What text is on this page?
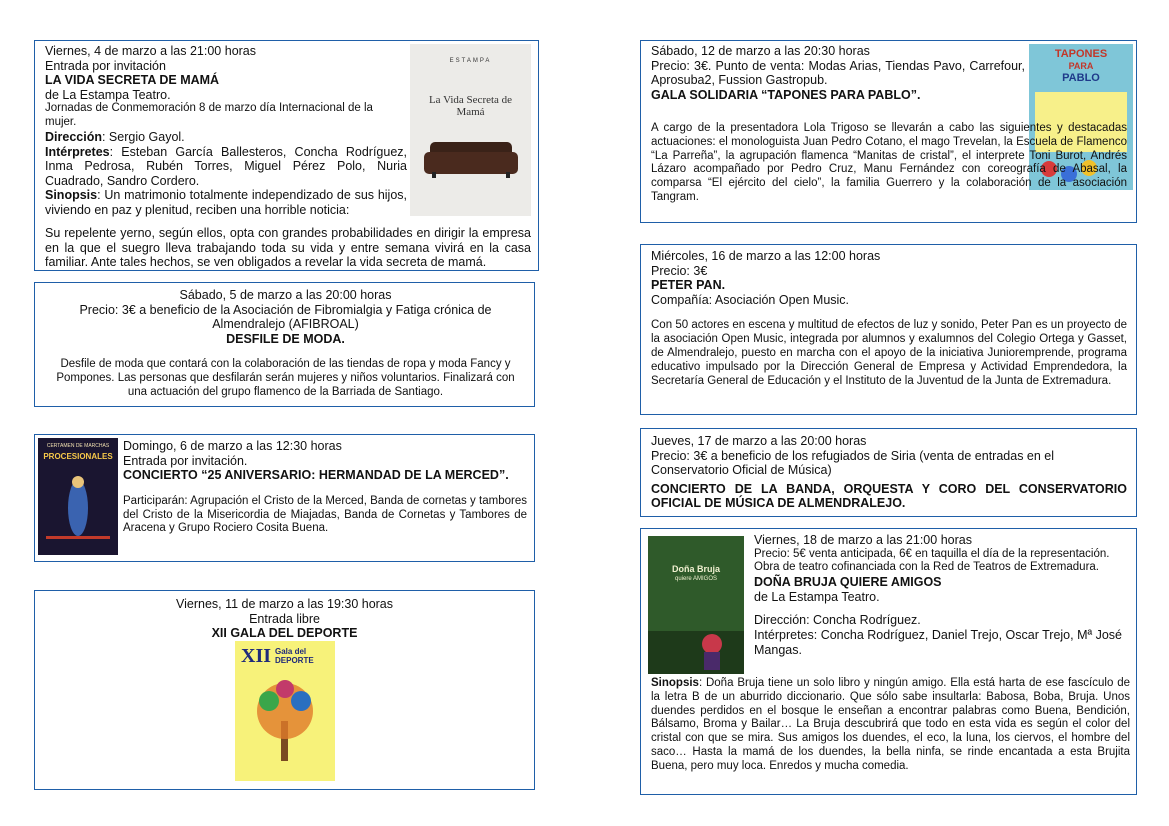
ESTAMPA
La Vida Secreta de Mamá

Viernes, 4 de marzo a las 21:00 horas

Entrada por invitación

LA VIDA SECRETA DE MAMÁ

de La Estampa Teatro.

Jornadas de Conmemoración 8 de marzo día Internacional de la mujer.

Dirección: Sergio Gayol.

Intérpretes: Esteban García Ballesteros, Concha Rodríguez, Inma Pedrosa, Rubén Torres, Miguel Pérez Polo, Nuria Cuadrado, Sandro Cordero.

Sinopsis: Un matrimonio totalmente independizado de sus hijos, viviendo en paz y plenitud, reciben una horrible noticia:

Su repelente yerno, según ellos, opta con grandes probabilidades en dirigir la empresa en la que el suegro lleva trabajando toda su vida y entre semana vivirá en la casa familiar. Ante tales hechos, se ven obligados a revelar la vida secreta de mamá.

Sábado, 5 de marzo a las 20:00 horas

Precio: 3€ a beneficio de la Asociación de Fibromialgia y Fatiga crónica de Almendralejo (AFIBROAL)

DESFILE DE MODA.

Desfile de moda que contará con la colaboración de las tiendas de ropa y moda Fancy y Pompones. Las personas que desfilarán serán mujeres y niños voluntarios. Finalizará con una actuación del grupo flamenco de la Barriada de Santiago.

CERTAMEN DE MARCHAS
PROCESIONALES

Domingo, 6 de marzo a las 12:30 horas

Entrada por invitación.

CONCIERTO “25 ANIVERSARIO: HERMANDAD DE LA MERCED”.

Participarán: Agrupación el Cristo de la Merced, Banda de cornetas y tambores del Cristo de la Misericordia de Miajadas, Banda de Cornetas y Tambores de Aracena y Grupo Rociero Cosita Buena.

Viernes, 11 de marzo a las 19:30 horas

Entrada libre

XII GALA DEL DEPORTE

XII Gala del DEPORTE
TAPONES
PARA
PABLO

Sábado, 12 de marzo a las 20:30 horas

Precio: 3€. Punto de venta: Modas Arias, Tiendas Pavo, Carrefour, Aprosuba2, Fussion Gastropub.

GALA SOLIDARIA “TAPONES PARA PABLO”.

A cargo de la presentadora Lola Trigoso se llevarán a cabo las siguientes y destacadas actuaciones: el monologuista Juan Pedro Cotano, el mago Trevelan, la Escuela de Flamenco “La Parreña”, la agrupación flamenca “Manitas de cristal”, el interprete Toni Burot, Andrés Lázaro acompañado por Pedro Cruz, Manu Fernández con coreografía de Abasal, la comparsa “El ejército del cielo”, la familia Guerrero y la colaboración de la asociación Tangram.

Miércoles, 16 de marzo a las 12:00 horas

Precio: 3€

PETER PAN.

Compañía: Asociación Open Music.

Con 50 actores en escena y multitud de efectos de luz y sonido, Peter Pan es un proyecto de la asociación Open Music, integrada por alumnos y exalumnos del Colegio Ortega y Gasset, de Almendralejo, puesto en marcha con el apoyo de la iniciativa Junioremprende, programa educativo impulsado por la Dirección General de Empresa y Actividad Emprendedora, la Secretaría General de Educación y el Instituto de la Juventud de la Junta de Extremadura.

Jueves, 17 de marzo a las 20:00 horas

Precio: 3€ a beneficio de los refugiados de Siria (venta de entradas en el Conservatorio Oficial de Música)

CONCIERTO DE LA BANDA, ORQUESTA Y CORO DEL CONSERVATORIO OFICIAL DE MÚSICA DE ALMENDRALEJO.

Doña Bruja
quiere AMIGOS

Viernes, 18 de marzo a las 21:00 horas

Precio: 5€ venta anticipada, 6€ en taquilla el día de la representación. Obra de teatro cofinanciada con la Red de Teatros de Extremadura.

DOÑA BRUJA QUIERE AMIGOS

de La Estampa Teatro.

Dirección: Concha Rodríguez.

Intérpretes: Concha Rodríguez, Daniel Trejo, Oscar Trejo, Mª José Mangas.

Sinopsis: Doña Bruja tiene un solo libro y ningún amigo. Ella está harta de ese fascículo de la letra B de un aburrido diccionario. Que sólo sabe insultarla: Babosa, Boba, Bruja. Unos duendes perdidos en el bosque le enseñan a encontrar palabras como Buena, Bendición, Bálsamo, Broma y Bailar… La Bruja descubrirá que todo en esta vida es según el color del cristal con que se mira. Sus amigos los duendes, el eco, la luna, los ciervos, el hombre del saco… Hasta la mamá de los duendes, la bella ninfa, se rinde encantada a esta Brujita Buena, pero muy loca. Enredos y mucha comedia.
